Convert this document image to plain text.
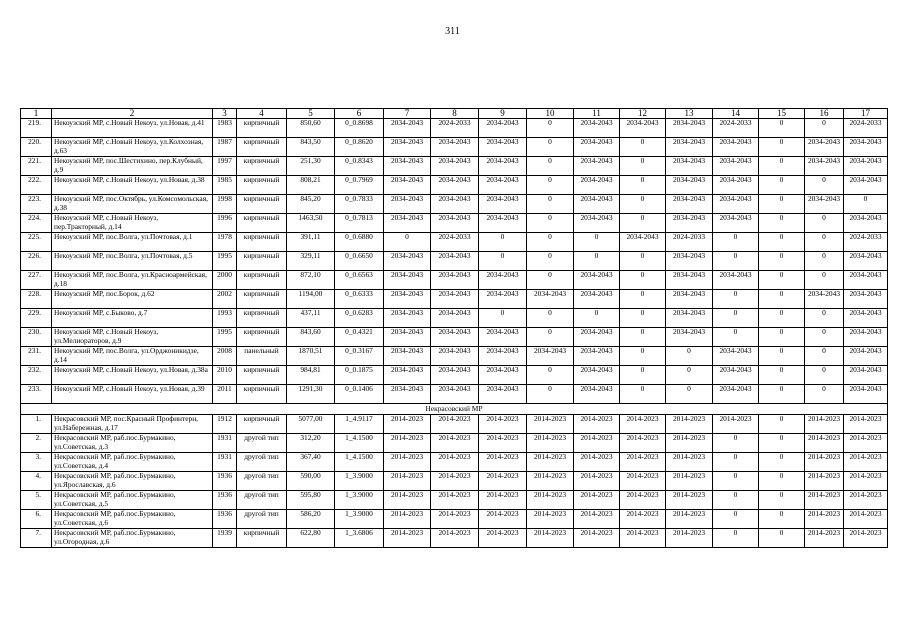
311
1	2	3	4	5	6	7	8	9	10	11	12	13	14	15	16	17
219.	Некоузский МР, с.Новый Некоуз, ул.Новая, д.41	1983	кирпичный	850,60	0_0.8698	2034-2043	2024-2033	2034-2043	0	2034-2043	2034-2043	2034-2043	2024-2033	0	0	2024-2033
220.	Некоузский МР, с.Новый Некоуз, ул.Колхозная, д.63	1987	кирпичный	843,50	0_0.8620	2034-2043	2034-2043	2034-2043	0	2034-2043	0	2034-2043	2034-2043	0	2034-2043	2034-2043
221.	Некоузский МР, пос.Шестихино, пер.Клубный, д.9	1997	кирпичный	251,30	0_0.8343	2034-2043	2034-2043	2034-2043	0	2034-2043	0	2034-2043	2034-2043	0	2034-2043	2034-2043
222.	Некоузский МР, с.Новый Некоуз, ул.Новая, д.38	1985	кирпичный	808,21	0_0.7969	2034-2043	2034-2043	2034-2043	0	2034-2043	0	2034-2043	2034-2043	0	0	2034-2043
223.	Некоузский МР, пос.Октябрь, ул.Комсомольская, д.38	1998	кирпичный	845,20	0_0.7833	2034-2043	2034-2043	2034-2043	0	2034-2043	0	2034-2043	2034-2043	0	2034-2043	0
224.	Некоузский МР, с.Новый Некоуз, пер.Тракторный, д.14	1996	кирпичный	1463,50	0_0.7813	2034-2043	2034-2043	2034-2043	0	2034-2043	0	2034-2043	2034-2043	0	0	2034-2043
225.	Некоузский МР, пос.Волга, ул.Почтовая, д.1	1978	кирпичный	391,11	0_0.6880	0	2024-2033	0	0	0	2034-2043	2024-2033	0	0	0	2024-2033
226.	Некоузский МР, пос.Волга, ул.Почтовая, д.5	1995	кирпичный	329,11	0_0.6650	2034-2043	2034-2043	0	0	0	0	2034-2043	0	0	0	2034-2043
227.	Некоузский МР, пос.Волга, ул.Красноармейская, д.18	2000	кирпичный	872,10	0_0.6563	2034-2043	2034-2043	2034-2043	0	2034-2043	0	2034-2043	2034-2043	0	0	2034-2043
228.	Некоузский МР, пос.Борок, д.62	2002	кирпичный	1194,00	0_0.6333	2034-2043	2034-2043	2034-2043	2034-2043	2034-2043	0	2034-2043	0	0	2034-2043	2034-2043
229.	Некоузский МР, с.Быково, д.7	1993	кирпичный	437,11	0_0.6283	2034-2043	2034-2043	0	0	0	0	2034-2043	0	0	0	2034-2043
230.	Некоузский МР, с.Новый Некоуз, ул.Мелиораторов, д.9	1995	кирпичный	843,60	0_0.4321	2034-2043	2034-2043	2034-2043	0	2034-2043	0	2034-2043	0	0	0	2034-2043
231.	Некоузский МР, пос.Волга, ул.Орджоникидзе, д.14	2008	панельный	1870,51	0_0.3167	2034-2043	2034-2043	2034-2043	2034-2043	2034-2043	0	0	2034-2043	0	0	2034-2043
232.	Некоузский МР, с.Новый Некоуз, ул.Новая, д.38а	2010	кирпичный	984,81	0_0.1875	2034-2043	2034-2043	2034-2043	0	2034-2043	0	0	2034-2043	0	0	2034-2043
233.	Некоузский МР, с.Новый Некоуз, ул.Новая, д.39	2011	кирпичный	1291,30	0_0.1406	2034-2043	2034-2043	2034-2043	0	2034-2043	0	0	2034-2043	0	0	2034-2043
Некрасовский МР																
1.	Некрасовский МР, пос.Красный Профинтерн, ул.Набережная, д.17	1912	кирпичный	5077,00	1_4.9117	2014-2023	2014-2023	2014-2023	2014-2023	2014-2023	2014-2023	2014-2023	2014-2023	0	2014-2023	2014-2023
2.	Некрасовский МР, раб.пос.Бурмакино, ул.Советская, д.3	1931	другой тип	312,20	1_4.1500	2014-2023	2014-2023	2014-2023	2014-2023	2014-2023	2014-2023	2014-2023	0	0	2014-2023	2014-2023
3.	Некрасовский МР, раб.пос.Бурмакино, ул.Советская, д.4	1931	другой тип	367,40	1_4.1500	2014-2023	2014-2023	2014-2023	2014-2023	2014-2023	2014-2023	2014-2023	0	0	2014-2023	2014-2023
4.	Некрасовский МР, раб.пос.Бурмакино, ул.Ярославская, д.6	1936	другой тип	590,00	1_3.9000	2014-2023	2014-2023	2014-2023	2014-2023	2014-2023	2014-2023	2014-2023	0	0	2014-2023	2014-2023
5.	Некрасовский МР, раб.пос.Бурмакино, ул.Советская, д.5	1936	другой тип	595,80	1_3.9000	2014-2023	2014-2023	2014-2023	2014-2023	2014-2023	2014-2023	2014-2023	0	0	2014-2023	2014-2023
6.	Некрасовский МР, раб.пос.Бурмакино, ул.Советская, д.6	1936	другой тип	586,20	1_3.9000	2014-2023	2014-2023	2014-2023	2014-2023	2014-2023	2014-2023	2014-2023	0	0	2014-2023	2014-2023
7.	Некрасовский МР, раб.пос.Бурмакино, ул.Огородная, д.6	1939	кирпичный	622,80	1_3.6806	2014-2023	2014-2023	2014-2023	2014-2023	2014-2023	2014-2023	2014-2023	0	0	2014-2023	2014-2023
